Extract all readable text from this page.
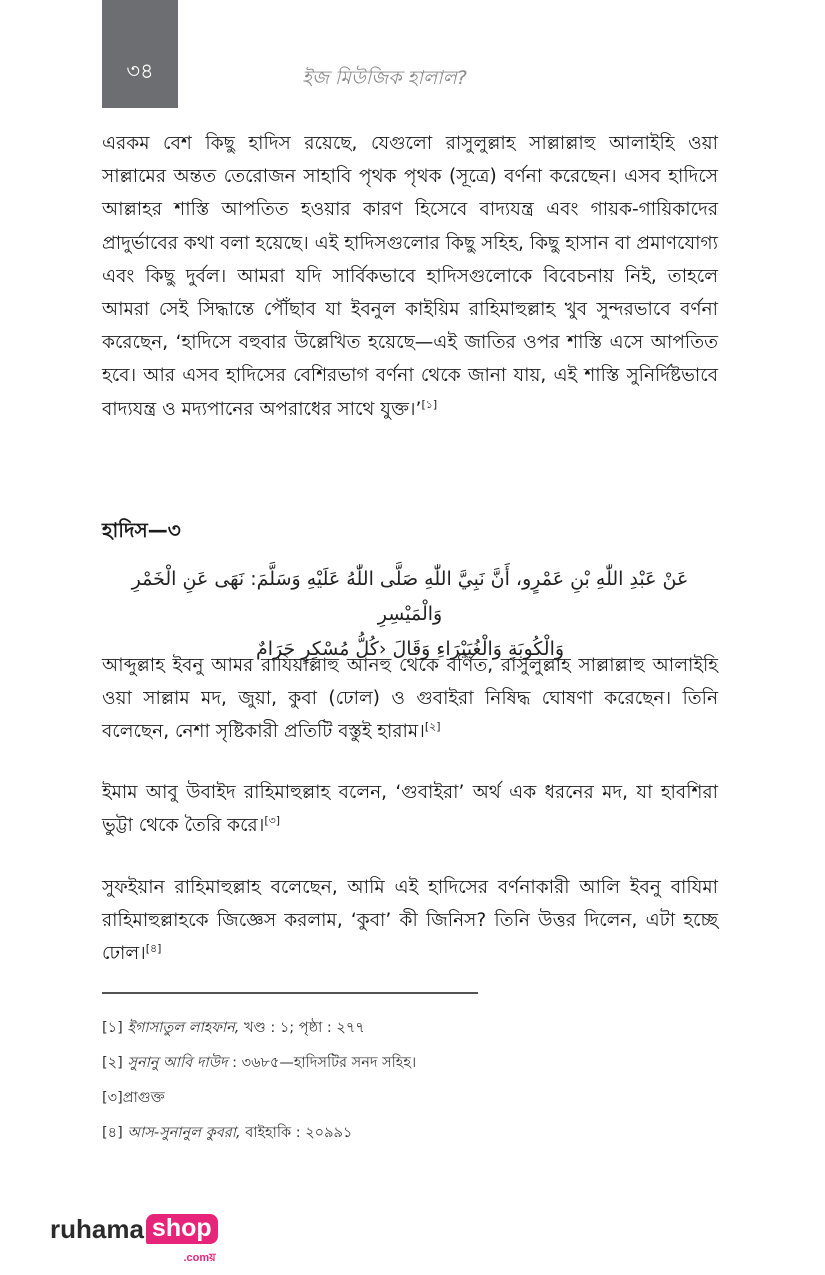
৩৪	ইজ মিউজিক হালাল?

এরকম বেশ কিছু হাদিস রয়েছে, যেগুলো রাসুলুল্লাহ সাল্লাল্লাহু আলাইহি ওয়া সাল্লামের অন্তত তেরোজন সাহাবি পৃথক পৃথক (সূত্রে) বর্ণনা করেছেন। এসব হাদিসে আল্লাহর শাস্তি আপতিত হওয়ার কারণ হিসেবে বাদ্যযন্ত্র এবং গায়ক-গায়িকাদের প্রাদুর্ভাবের কথা বলা হয়েছে। এই হাদিসগুলোর কিছু সহিহ, কিছু হাসান বা প্রমাণযোগ্য এবং কিছু দুর্বল। আমরা যদি সার্বিকভাবে হাদিসগুলোকে বিবেচনায় নিই, তাহলে আমরা সেই সিদ্ধান্তে পৌঁছাব যা ইবনুল কাইয়িম রাহিমাহুল্লাহ খুব সুন্দরভাবে বর্ণনা করেছেন, ‘হাদিসে বহুবার উল্লেখিত হয়েছে—এই জাতির ওপর শাস্তি এসে আপতিত হবে। আর এসব হাদিসের বেশিরভাগ বর্ণনা থেকে জানা যায়, এই শাস্তি সুনির্দিষ্টভাবে বাদ্যযন্ত্র ও মদ্যপানের অপরাধের সাথে যুক্ত।’[১]

হাদিস—৩
عَنْ عَبْدِ اللّٰهِ بْنِ عَمْرٍو، أَنَّ نَبِيَّ اللّٰهِ صَلَّى اللّٰهُ عَلَيْهِ وَسَلَّمَ: نَهَى عَنِ الْخَمْرِ وَالْمَيْسِرِ
وَالْكُوبَةِ وَالْغُبَيْرَاءِ وَقَالَ ‹كُلُّ مُسْكِرٍ حَرَامٌ

আব্দুল্লাহ ইবনু আমর রাযিয়াল্লাহু আনহু থেকে বর্ণিত, রাসুলুল্লাহ সাল্লাল্লাহু আলাইহি ওয়া সাল্লাম মদ, জুয়া, কুবা (ঢোল) ও গুবাইরা নিষিদ্ধ ঘোষণা করেছেন। তিনি বলেছেন, নেশা সৃষ্টিকারী প্রতিটি বস্তুই হারাম।[২]

ইমাম আবু উবাইদ রাহিমাহুল্লাহ বলেন, ‘গুবাইরা’ অর্থ এক ধরনের মদ, যা হাবশিরা ভুট্টা থেকে তৈরি করে।[৩]

সুফইয়ান রাহিমাহুল্লাহ বলেছেন, আমি এই হাদিসের বর্ণনাকারী আলি ইবনু বাযিমা রাহিমাহুল্লাহকে জিজ্ঞেস করলাম, ‘কুবা’ কী জিনিস? তিনি উত্তর দিলেন, এটা হচ্ছে ঢোল।[৪]

[১] ইগাসাতুল লাহফান, খণ্ড : ১; পৃষ্ঠা : ২৭৭
[২] সুনানু আবি দাউদ : ৩৬৮৫—হাদিসটির সনদ সহিহ।
[৩]প্রাগুক্ত
[৪] আস-সুনানুল কুবরা, বাইহাকি : ২০৯৯১
ruhama shop
.comয়
